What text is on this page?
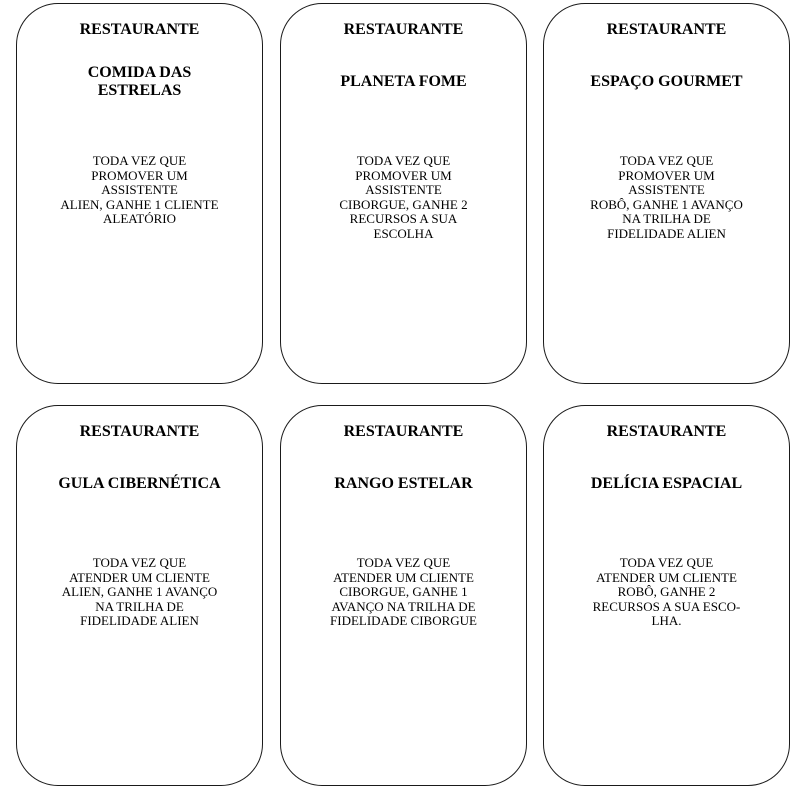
RESTAURANTE
COMIDA DAS
ESTRELAS
TODA VEZ QUE
PROMOVER UM
ASSISTENTE
ALIEN, GANHE 1 CLIENTE
ALEATÓRIO
RESTAURANTE
PLANETA FOME
TODA VEZ QUE
PROMOVER UM
ASSISTENTE
CIBORGUE, GANHE 2
RECURSOS A SUA
ESCOLHA
RESTAURANTE
ESPAÇO GOURMET
TODA VEZ QUE
PROMOVER UM
ASSISTENTE
ROBÔ, GANHE 1 AVANÇO
NA TRILHA DE
FIDELIDADE ALIEN
RESTAURANTE
GULA CIBERNÉTICA
TODA VEZ QUE
ATENDER UM CLIENTE
ALIEN, GANHE 1 AVANÇO
NA TRILHA DE
FIDELIDADE ALIEN
RESTAURANTE
RANGO ESTELAR
TODA VEZ QUE
ATENDER UM CLIENTE
CIBORGUE, GANHE 1
AVANÇO NA TRILHA DE
FIDELIDADE CIBORGUE
RESTAURANTE
DELÍCIA ESPACIAL
TODA VEZ QUE
ATENDER UM CLIENTE
ROBÔ, GANHE 2
RECURSOS A SUA ESCO-
LHA.
